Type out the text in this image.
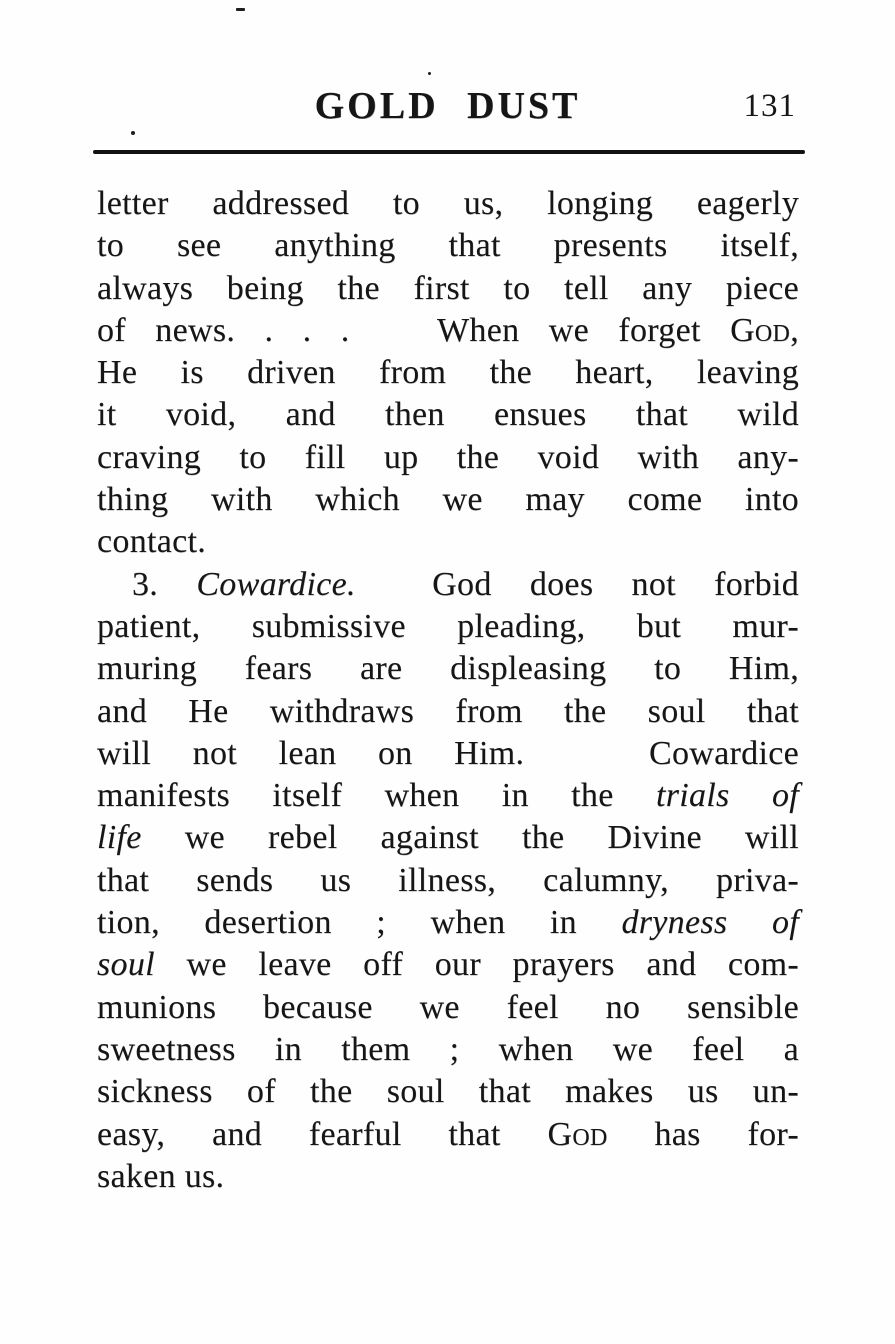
GOLD DUST	131
letter addressed to us, longing eagerly
to see anything that presents itself,
always being the first to tell any piece
of news. . . .   When we forget God,
He is driven from the heart, leaving
it void, and then ensues that wild
craving to fill up the void with any-
thing with which we may come into
contact.
3. Cowardice.  God does not forbid
patient, submissive pleading, but mur-
muring fears are displeasing to Him,
and He withdraws from the soul that
will not lean on Him.   Cowardice
manifests itself when in the trials of
life we rebel against the Divine will
that sends us illness, calumny, priva-
tion, desertion ; when in dryness of
soul we leave off our prayers and com-
munions because we feel no sensible
sweetness in them ; when we feel a
sickness of the soul that makes us un-
easy, and fearful that God has for-
saken us.
